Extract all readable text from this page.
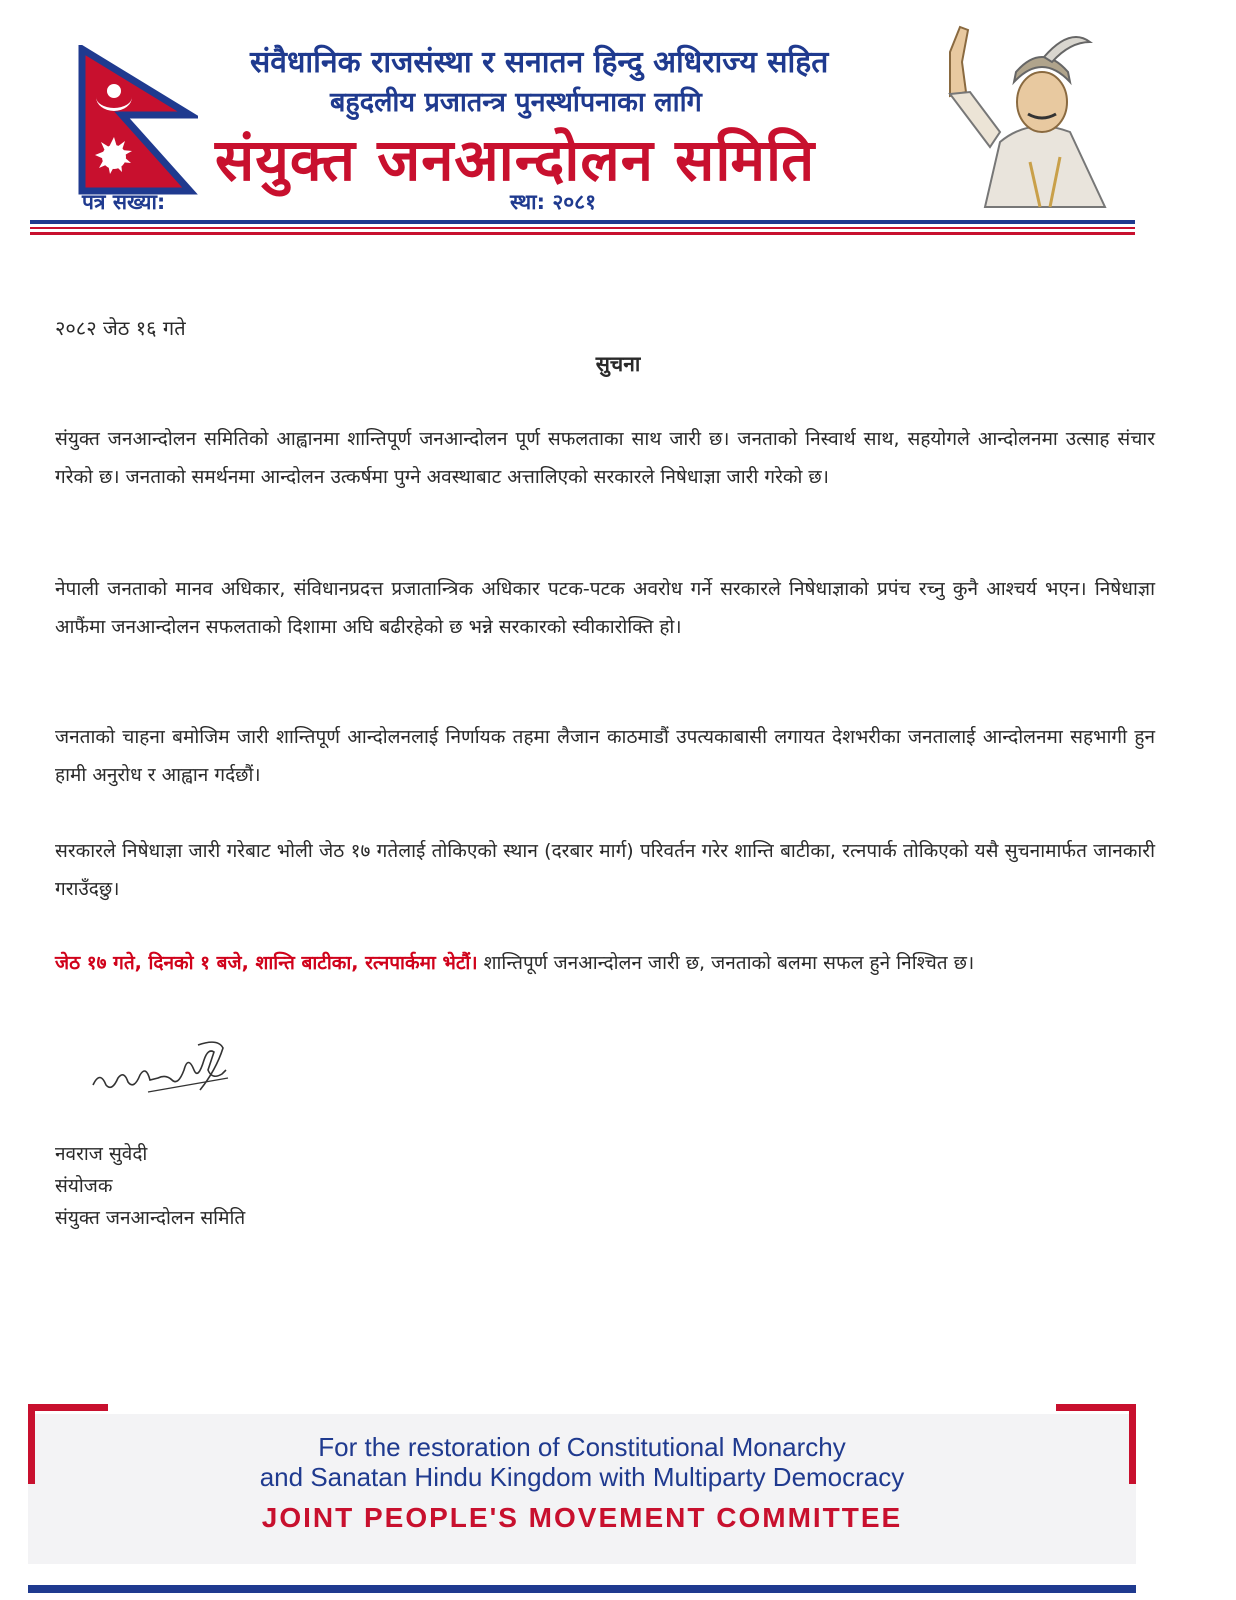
संवैधानिक राजसंस्था र सनातन हिन्दु अधिराज्य सहित
बहुदलीय प्रजातन्त्र पुनर्स्थापनाका लागि
संयुक्त जनआन्दोलन समिति
पत्र संख्या:	स्था: २०८१
२०८२ जेठ १६ गते
सुचना

संयुक्त जनआन्दोलन समितिको आह्वानमा शान्तिपूर्ण जनआन्दोलन पूर्ण सफलताका साथ जारी छ। जनताको निस्वार्थ साथ, सहयोगले आन्दोलनमा उत्साह संचार गरेको छ। जनताको समर्थनमा आन्दोलन उत्कर्षमा पुग्ने अवस्थाबाट अत्तालिएको सरकारले निषेधाज्ञा जारी गरेको छ।

नेपाली जनताको मानव अधिकार, संविधानप्रदत्त प्रजातान्त्रिक अधिकार पटक-पटक अवरोध गर्ने सरकारले निषेधाज्ञाको प्रपंच रच्नु कुनै आश्चर्य भएन। निषेधाज्ञा आफैंमा जनआन्दोलन सफलताको दिशामा अघि बढीरहेको छ भन्ने सरकारको स्वीकारोक्ति हो।

जनताको चाहना बमोजिम जारी शान्तिपूर्ण आन्दोलनलाई निर्णायक तहमा लैजान काठमाडौं उपत्यकाबासी लगायत देशभरीका जनतालाई आन्दोलनमा सहभागी हुन हामी अनुरोध र आह्वान गर्दछौं।

सरकारले निषेधाज्ञा जारी गरेबाट भोली जेठ १७ गतेलाई तोकिएको स्थान (दरबार मार्ग) परिवर्तन गरेर शान्ति बाटीका, रत्नपार्क तोकिएको यसै सुचनामार्फत जानकारी गराउँदछु।

जेठ १७ गते, दिनको १ बजे, शान्ति बाटीका, रत्नपार्कमा भेटौं। शान्तिपूर्ण जनआन्दोलन जारी छ, जनताको बलमा सफल हुने निश्चित छ।

नवराज सुवेदी
संयोजक
संयुक्त जनआन्दोलन समिति
For the restoration of Constitutional Monarchy
and Sanatan Hindu Kingdom with Multiparty Democracy
JOINT PEOPLE'S MOVEMENT COMMITTEE
